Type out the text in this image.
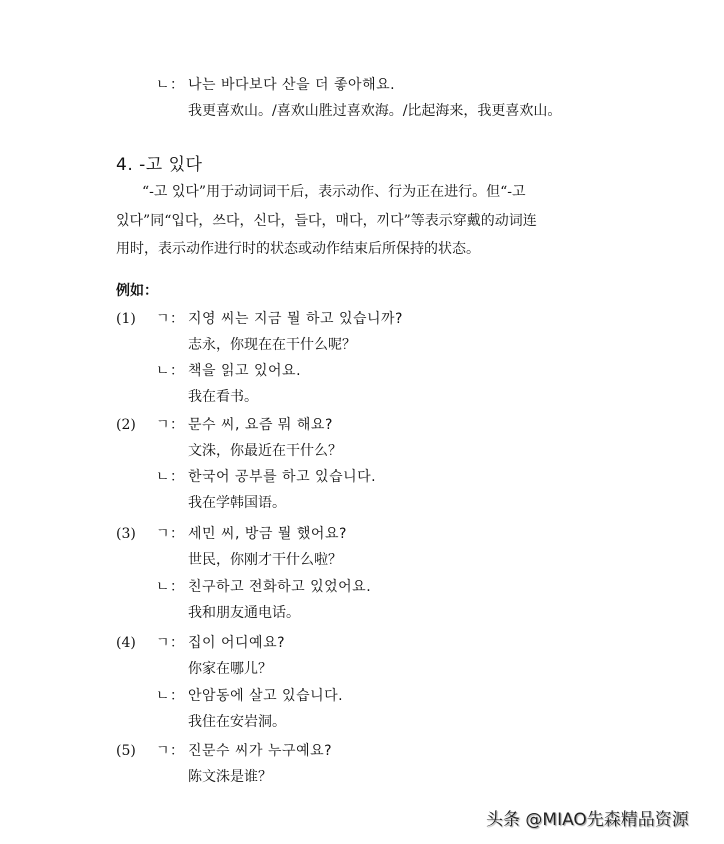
ㄴ： 나는 바다보다 산을 더 좋아해요.
我更喜欢山。/喜欢山胜过喜欢海。/比起海来，我更喜欢山。
4. -고 있다
“-고 있다”用于动词词干后，表示动作、行为正在进行。但“-고
있다”同“입다，쓰다，신다，들다，매다，끼다”等表示穿戴的动词连
用时，表示动作进行时的状态或动作结束后所保持的状态。
例如：
(1) ㄱ： 지영 씨는 지금 뭘 하고 있습니까?
志永，你现在在干什么呢？
ㄴ： 책을 읽고 있어요.
我在看书。
(2) ㄱ： 문수 씨, 요즘 뭐 해요?
文洙，你最近在干什么？
ㄴ： 한국어 공부를 하고 있습니다.
我在学韩国语。
(3) ㄱ： 세민 씨, 방금 뭘 했어요?
世民，你刚才干什么啦？
ㄴ： 친구하고 전화하고 있었어요.
我和朋友通电话。
(4) ㄱ： 집이 어디예요?
你家在哪儿？
ㄴ： 안암동에 살고 있습니다.
我住在安岩洞。
(5) ㄱ： 진문수 씨가 누구예요?
陈文洙是谁？
头条 @MIAO先森精品资源
